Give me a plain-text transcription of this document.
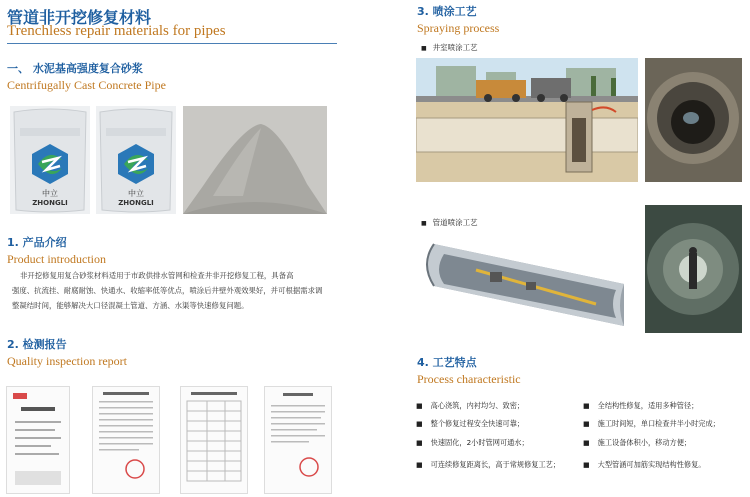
管道非开挖修复材料
Trenchless repair materials for pipes
一、 水泥基高强度复合砂浆
Centrifugally Cast Concrete Pipe
中立
ZHONGLI
中立
ZHONGLI
1. 产品介绍
Product introduction
非开挖修复用复合砂浆材料适用于市政供排水管网和检查井非开挖修复工程，具备高
强度、抗流挂、耐腐耐蚀、快通水、收缩率低等优点，喷涂后井壁外观效果好，并可根据需求调
整凝结时间，能够解决大口径混凝土管道、方涵、水渠等快速修复问题。
2. 检测报告
Quality inspection report
3. 喷涂工艺
Spraying process
■ 井室喷涂工艺
■ 管道喷涂工艺
4. 工艺特点
Process characteristic
■ 高心浇筑，内衬均匀、致密；
■ 整个修复过程安全快速可靠；
■ 快速固化，2小时管网可通水；
■ 可连续修复距离长，高于常规修复工艺；
■ 全结构性修复，适用多种管径；
■ 施工时间短，单口检查井半小时完成；
■ 施工设备体积小，移动方便；
■ 大型管涵可加筋实现结构性修复。
